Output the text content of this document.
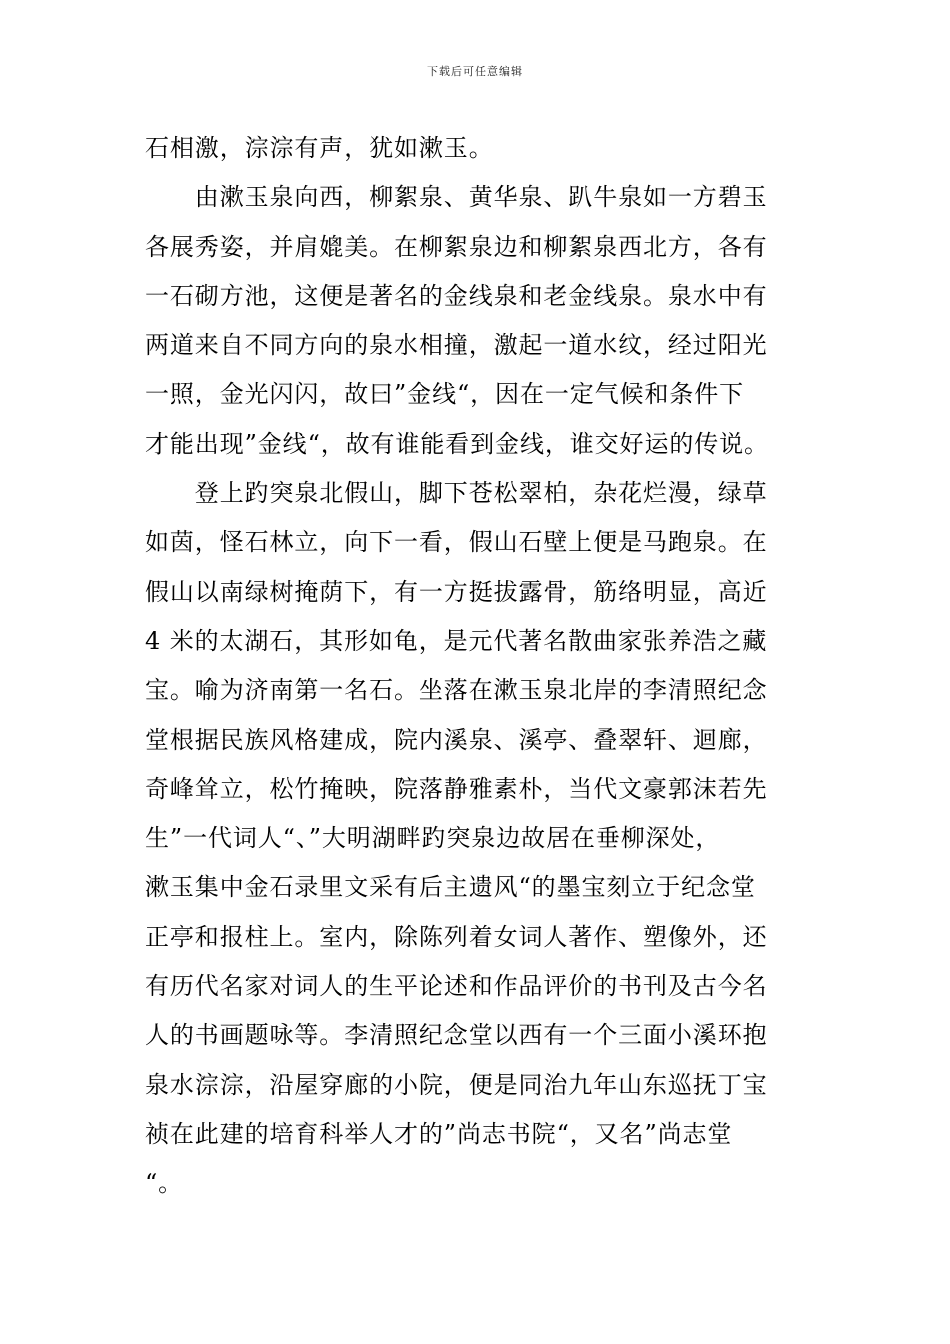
下载后可任意编辑
石相激，淙淙有声，犹如漱玉。
　　由漱玉泉向西，柳絮泉、黄华泉、趴牛泉如一方碧玉
各展秀姿，并肩媲美。在柳絮泉边和柳絮泉西北方，各有
一石砌方池，这便是著名的金线泉和老金线泉。泉水中有
两道来自不同方向的泉水相撞，激起一道水纹，经过阳光
一照，金光闪闪，故曰”金线“，因在一定气候和条件下
才能出现”金线“，故有谁能看到金线，谁交好运的传说。
　　登上趵突泉北假山，脚下苍松翠柏，杂花烂漫，绿草
如茵，怪石林立，向下一看，假山石壁上便是马跑泉。在
假山以南绿树掩荫下，有一方挺拔露骨，筋络明显，高近
4 米的太湖石，其形如龟，是元代著名散曲家张养浩之藏
宝。喻为济南第一名石。坐落在漱玉泉北岸的李清照纪念
堂根据民族风格建成，院内溪泉、溪亭、叠翠轩、迴廊，
奇峰耸立，松竹掩映，院落静雅素朴，当代文豪郭沫若先
生”一代词人“、”大明湖畔趵突泉边故居在垂柳深处，
漱玉集中金石录里文采有后主遗风“的墨宝刻立于纪念堂
正亭和报柱上。室内，除陈列着女词人著作、塑像外，还
有历代名家对词人的生平论述和作品评价的书刊及古今名
人的书画题咏等。李清照纪念堂以西有一个三面小溪环抱
泉水淙淙，沿屋穿廊的小院，便是同治九年山东巡抚丁宝
祯在此建的培育科举人才的”尚志书院“，又名”尚志堂
“。
